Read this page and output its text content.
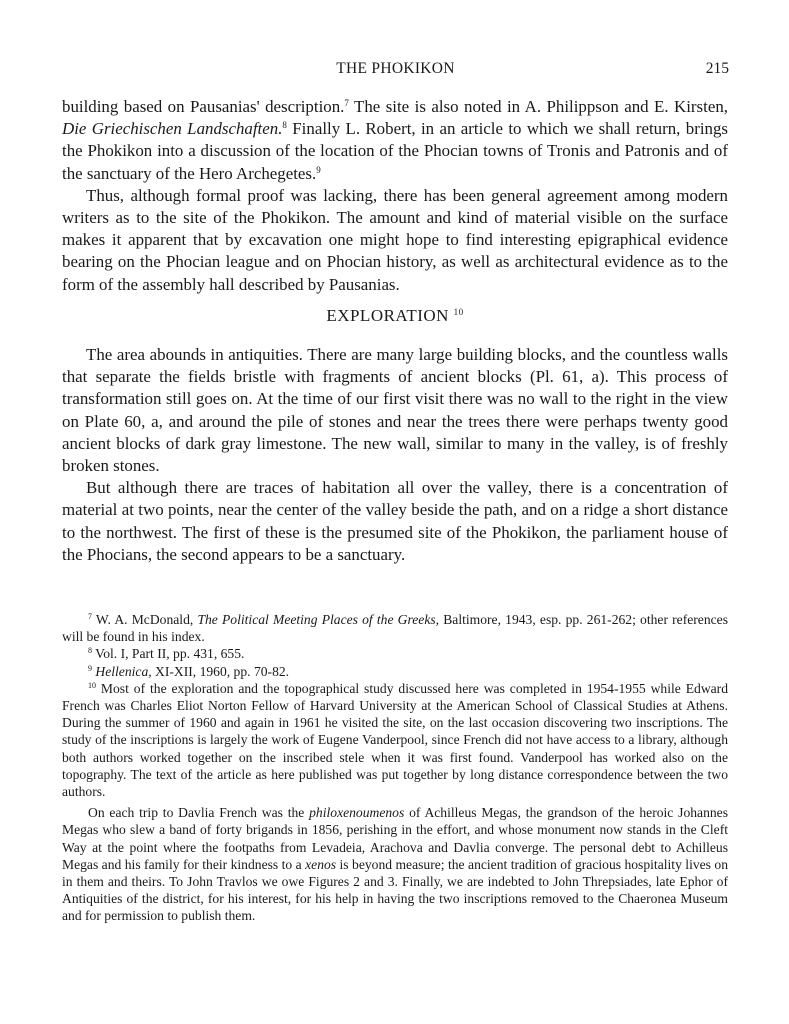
THE PHOKIKON	215

building based on Pausanias' description.$^7$ The site is also noted in A. Philippson and E. Kirsten, Die Griechischen Landschaften.$^8$ Finally L. Robert, in an article to which we shall return, brings the Phokikon into a discussion of the location of the Phocian towns of Tronis and Patronis and of the sanctuary of the Hero Archegetes.$^9$

Thus, although formal proof was lacking, there has been general agreement among modern writers as to the site of the Phokikon. The amount and kind of material visible on the surface makes it apparent that by excavation one might hope to find interesting epigraphical evidence bearing on the Phocian league and on Phocian history, as well as architectural evidence as to the form of the assembly hall described by Pausanias.

EXPLORATION $^{10}$

The area abounds in antiquities. There are many large building blocks, and the countless walls that separate the fields bristle with fragments of ancient blocks (Pl. 61, a). This process of transformation still goes on. At the time of our first visit there was no wall to the right in the view on Plate 60, a, and around the pile of stones and near the trees there were perhaps twenty good ancient blocks of dark gray limestone. The new wall, similar to many in the valley, is of freshly broken stones.

But although there are traces of habitation all over the valley, there is a concentration of material at two points, near the center of the valley beside the path, and on a ridge a short distance to the northwest. The first of these is the presumed site of the Phokikon, the parliament house of the Phocians, the second appears to be a sanctuary.

$^7$ W. A. McDonald, The Political Meeting Places of the Greeks, Baltimore, 1943, esp. pp. 261-262; other references will be found in his index.

$^8$ Vol. I, Part II, pp. 431, 655.

$^9$ Hellenica, XI-XII, 1960, pp. 70-82.

$^{10}$ Most of the exploration and the topographical study discussed here was completed in 1954-1955 while Edward French was Charles Eliot Norton Fellow of Harvard University at the American School of Classical Studies at Athens. During the summer of 1960 and again in 1961 he visited the site, on the last occasion discovering two inscriptions. The study of the inscriptions is largely the work of Eugene Vanderpool, since French did not have access to a library, although both authors worked together on the inscribed stele when it was first found. Vanderpool has worked also on the topography. The text of the article as here published was put together by long distance correspondence between the two authors.

On each trip to Davlia French was the philoxenoumenos of Achilleus Megas, the grandson of the heroic Johannes Megas who slew a band of forty brigands in 1856, perishing in the effort, and whose monument now stands in the Cleft Way at the point where the footpaths from Levadeia, Arachova and Davlia converge. The personal debt to Achilleus Megas and his family for their kindness to a xenos is beyond measure; the ancient tradition of gracious hospitality lives on in them and theirs. To John Travlos we owe Figures 2 and 3. Finally, we are indebted to John Threpsiades, late Ephor of Antiquities of the district, for his interest, for his help in having the two inscriptions removed to the Chaeronea Museum and for permission to publish them.
